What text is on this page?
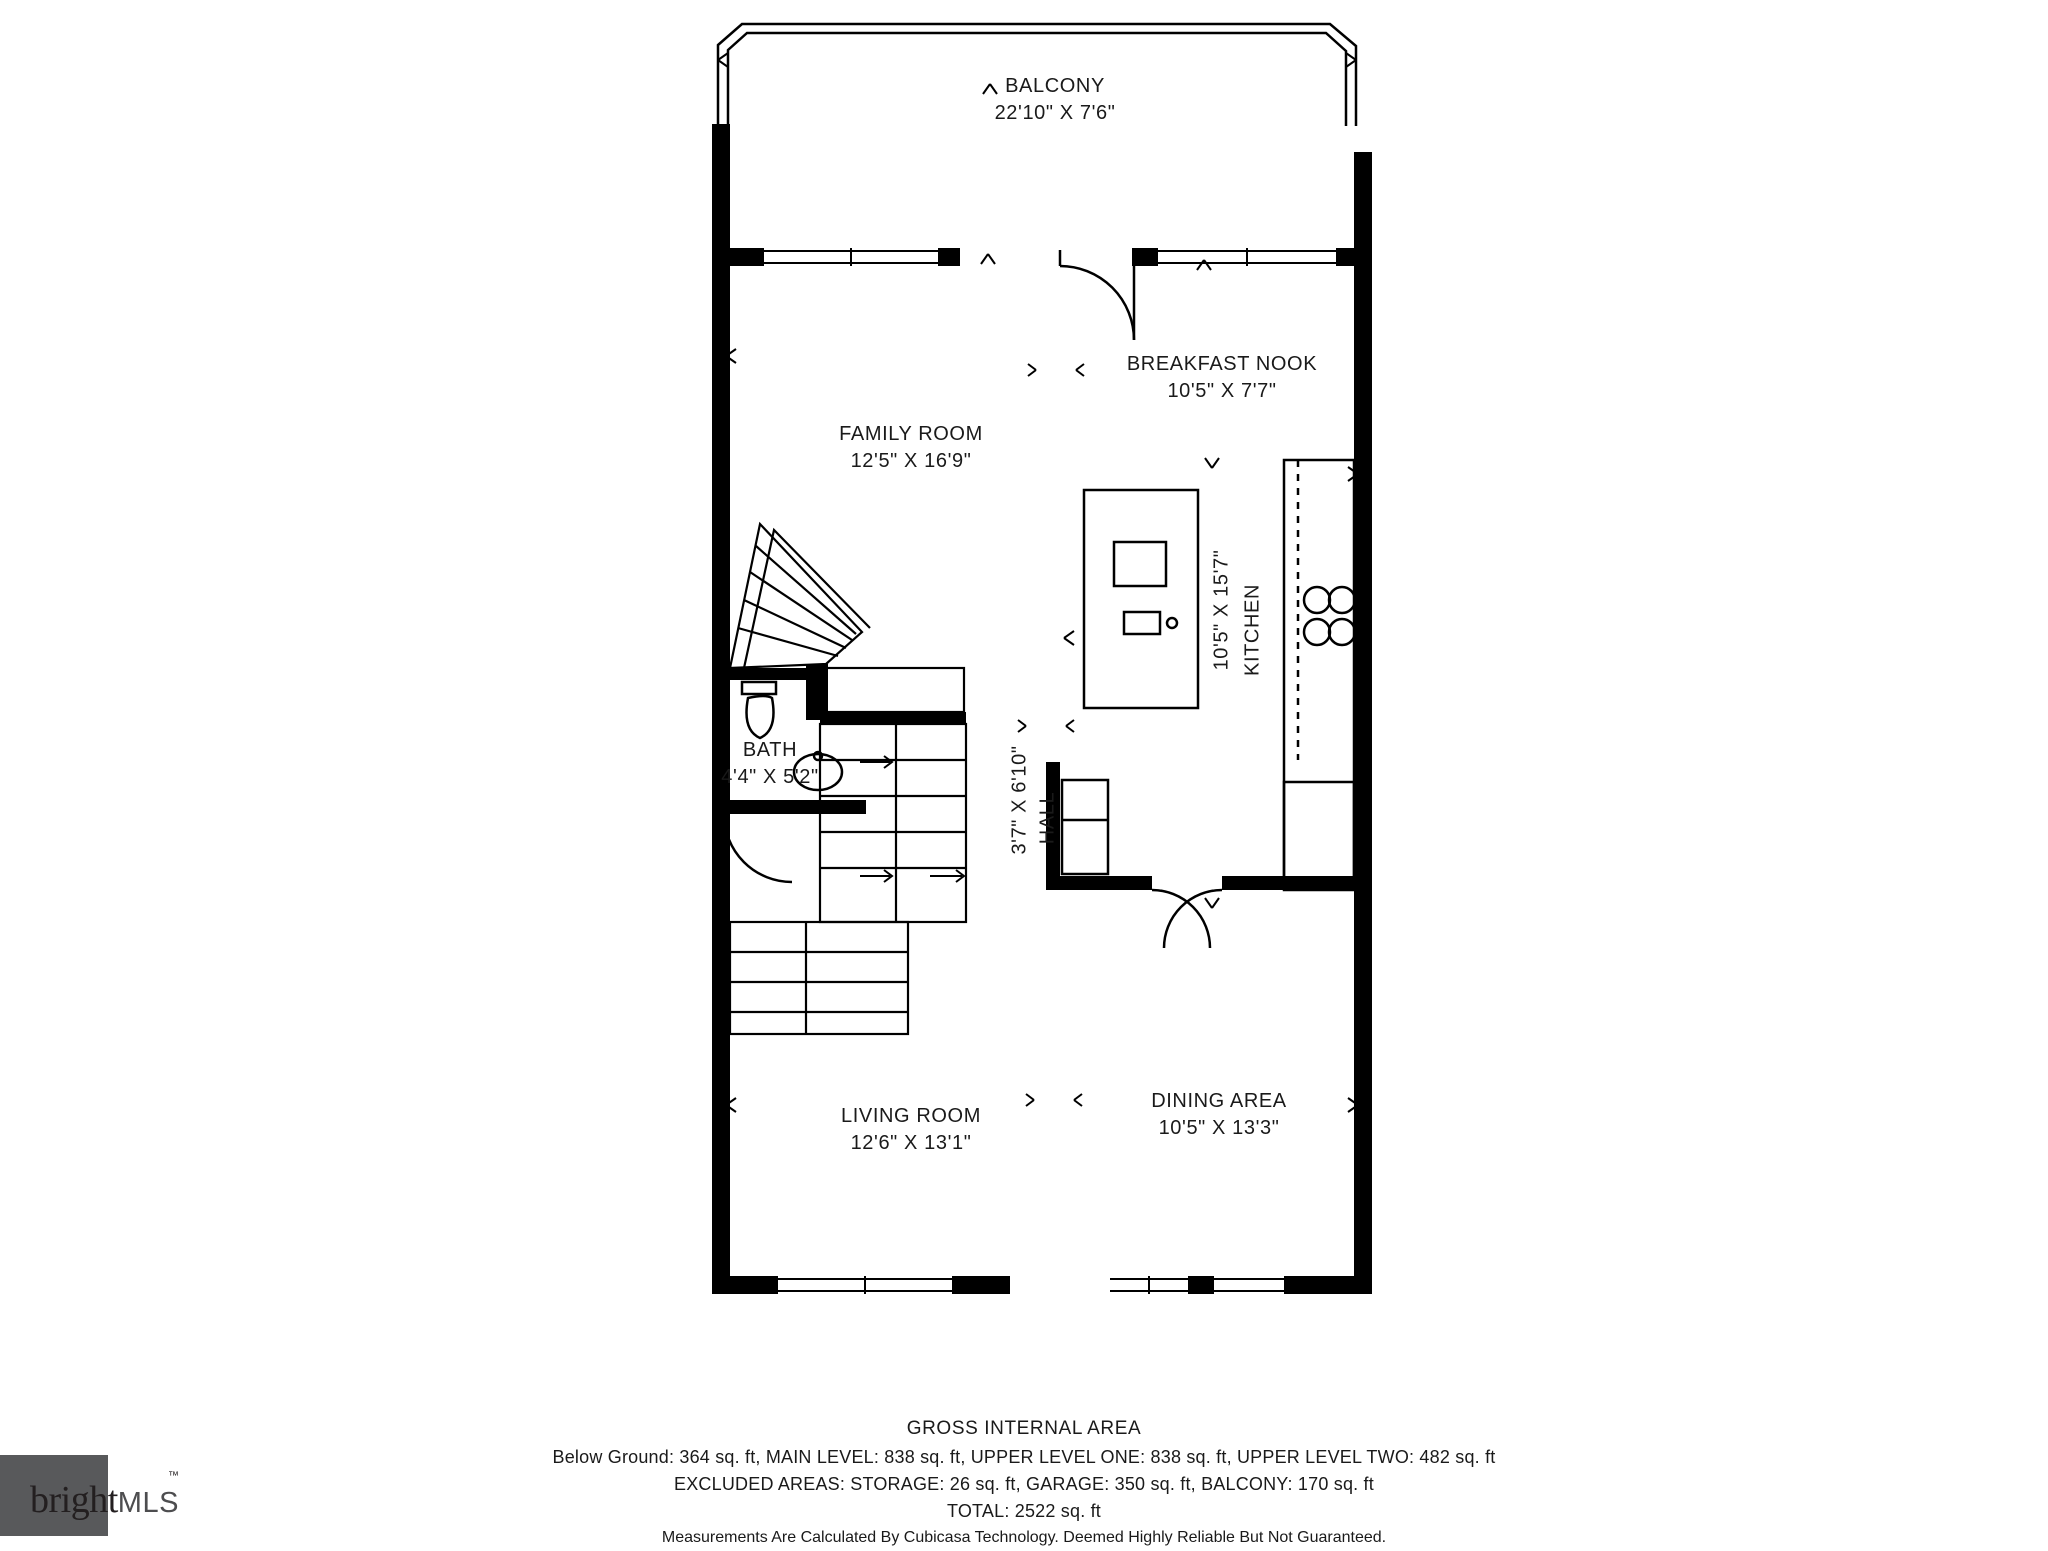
BALCONY
22'10" X 7'6"
BREAKFAST NOOK
10'5" X 7'7"
FAMILY ROOM
12'5" X 16'9"
KITCHEN
10'5" X 15'7"
BATH
4'4" X 5'2"
HALL
3'7" X 6'10"
LIVING ROOM
12'6" X 13'1"
DINING AREA
10'5" X 13'3"
GROSS INTERNAL AREA
Below Ground: 364 sq. ft, MAIN LEVEL: 838 sq. ft, UPPER LEVEL ONE: 838 sq. ft, UPPER LEVEL TWO: 482 sq. ft
EXCLUDED AREAS: STORAGE: 26 sq. ft, GARAGE: 350 sq. ft, BALCONY: 170 sq. ft
TOTAL: 2522 sq. ft
Measurements Are Calculated By Cubicasa Technology. Deemed Highly Reliable But Not Guaranteed.
brightMLS
™
